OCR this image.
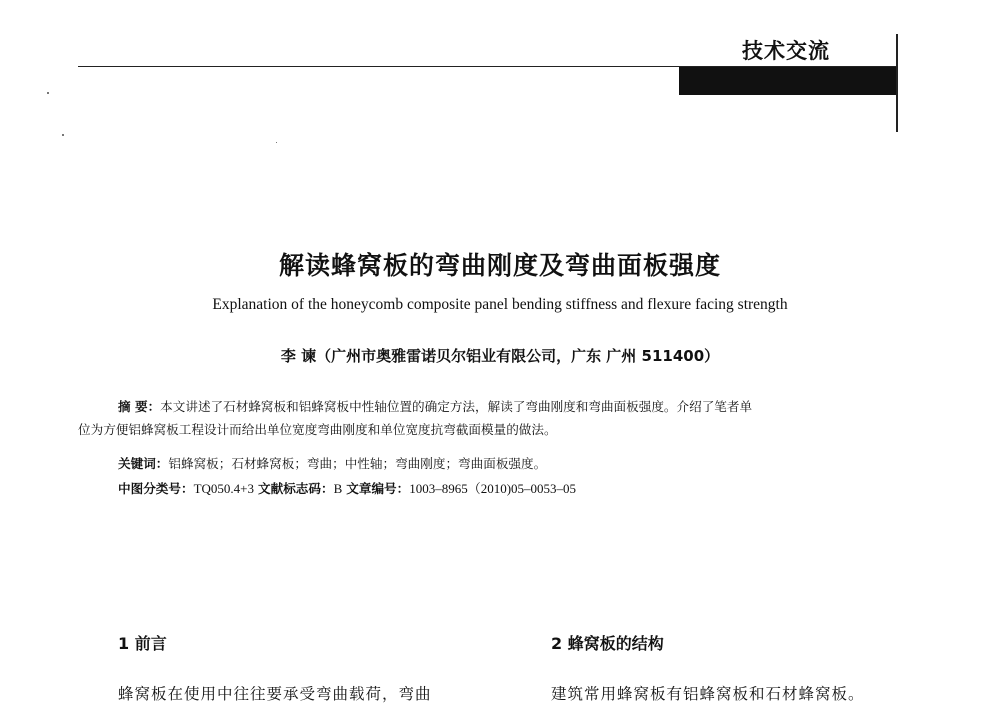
技术交流
解读蜂窝板的弯曲刚度及弯曲面板强度
Explanation of the honeycomb composite panel bending stiffness and flexure facing strength
李 谏（广州市奥雅雷诺贝尔铝业有限公司，广东 广州 511400）
摘 要：本文讲述了石材蜂窝板和铝蜂窝板中性轴位置的确定方法，解读了弯曲刚度和弯曲面板强度。介绍了笔者单
位为方便铝蜂窝板工程设计而给出单位宽度弯曲刚度和单位宽度抗弯截面模量的做法。
关键词：铝蜂窝板；石材蜂窝板；弯曲；中性轴；弯曲刚度；弯曲面板强度。
中图分类号：TQ050.4+3 文献标志码：B 文章编号：1003–8965（2010)05–0053–05
1 前言	2 蜂窝板的结构
蜂窝板在使用中往往要承受弯曲载荷，弯曲	建筑常用蜂窝板有铝蜂窝板和石材蜂窝板。
